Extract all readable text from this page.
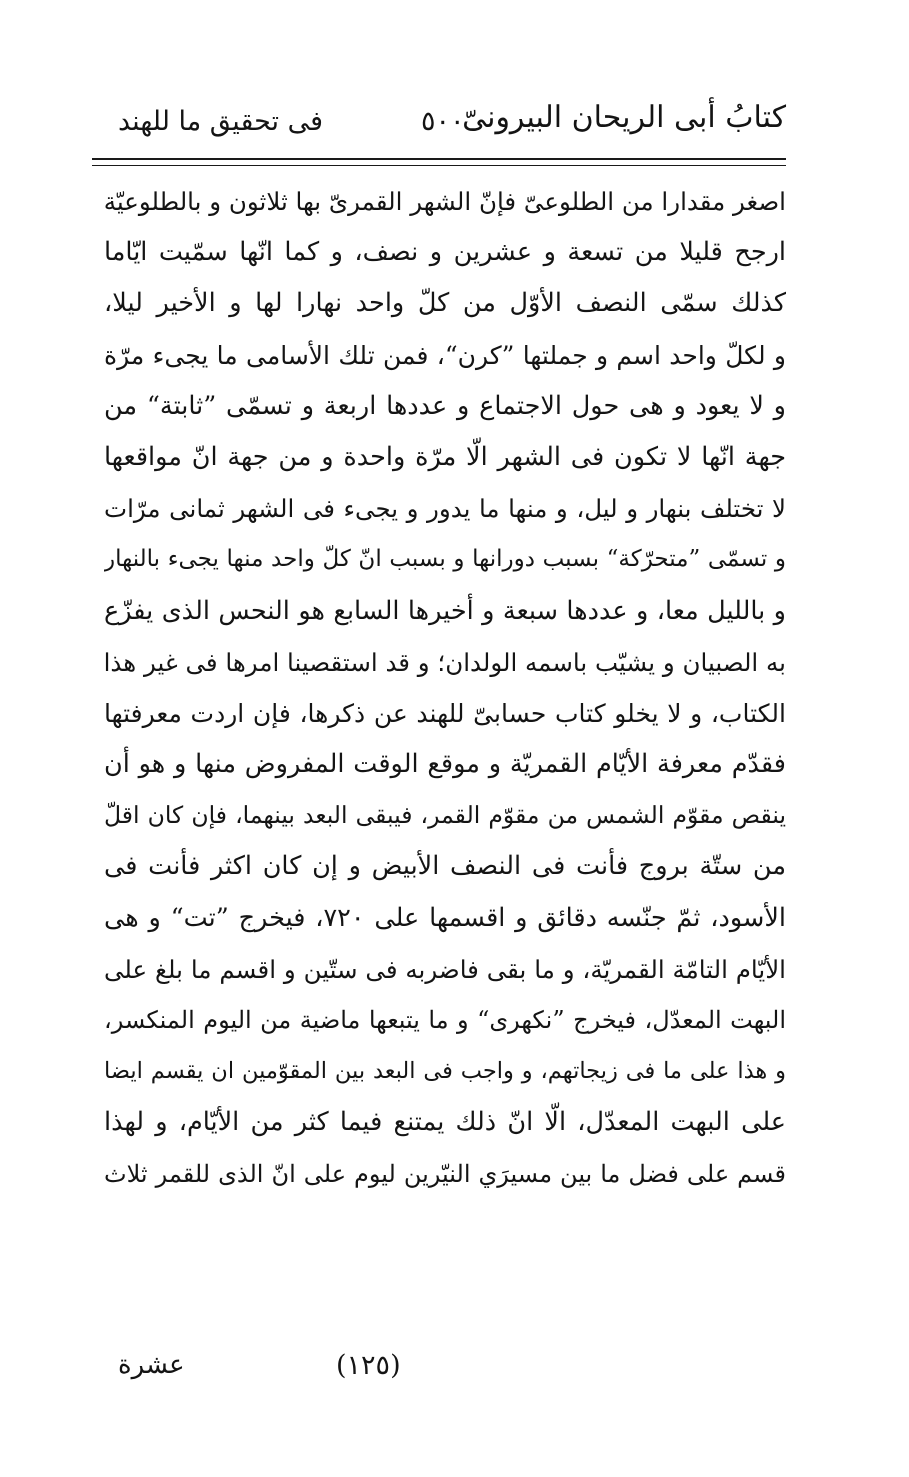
كتابُ أبى الريحان البيرونىّ
٥٠٠
فى تحقيق ما للهند
اصغر مقدارا من الطلوعىّ فإنّ الشهر القمرىّ بها ثلاثون و بالطلوعيّة
ارجح قليلا من تسعة و عشرين و نصف، و كما انّها سمّيت ايّاما
كذلك سمّى النصف الأوّل من كلّ واحد نهارا لها و الأخير ليلا،
و لكلّ واحد اسم و جملتها ”كرن“، فمن تلك الأسامى ما يجىء مرّة
و لا يعود و هى حول الاجتماع و عددها اربعة و تسمّى ”ثابتة“ من
جهة انّها لا تكون فى الشهر الّا مرّة واحدة و من جهة انّ مواقعها
لا تختلف بنهار و ليل، و منها ما يدور و يجىء فى الشهر ثمانى مرّات
و تسمّى ”متحرّكة“ بسبب دورانها و بسبب انّ كلّ واحد منها يجىء بالنهار
و بالليل معا، و عددها سبعة و أخيرها السابع هو النحس الذى يفزّع
به الصبيان و يشيّب باسمه الولدان؛ و قد استقصينا امرها فى غير هذا
الكتاب، و لا يخلو كتاب حسابىّ للهند عن ذكرها، فإن اردت معرفتها
فقدّم معرفة الأيّام القمريّة و موقع الوقت المفروض منها و هو أن
ينقص مقوّم الشمس من مقوّم القمر، فيبقى البعد بينهما، فإن كان اقلّ
من ستّة بروج فأنت فى النصف الأبيض و إن كان اكثر فأنت فى
الأسود، ثمّ جنّسه دقائق و اقسمها على ٧٢٠، فيخرج ”تت“ و هى
الأيّام التامّة القمريّة، و ما بقى فاضربه فى ستّين و اقسم ما بلغ على
البهت المعدّل، فيخرج ”نكهرى“ و ما يتبعها ماضية من اليوم المنكسر،
و هذا على ما فى زيجاتهم، و واجب فى البعد بين المقوّمين ان يقسم ايضا
على البهت المعدّل، الّا انّ ذلك يمتنع فيما كثر من الأيّام، و لهذا
قسم على فضل ما بين مسيرَي النيّرين ليوم على انّ الذى للقمر ثلاث
(١٢٥)
عشرة
